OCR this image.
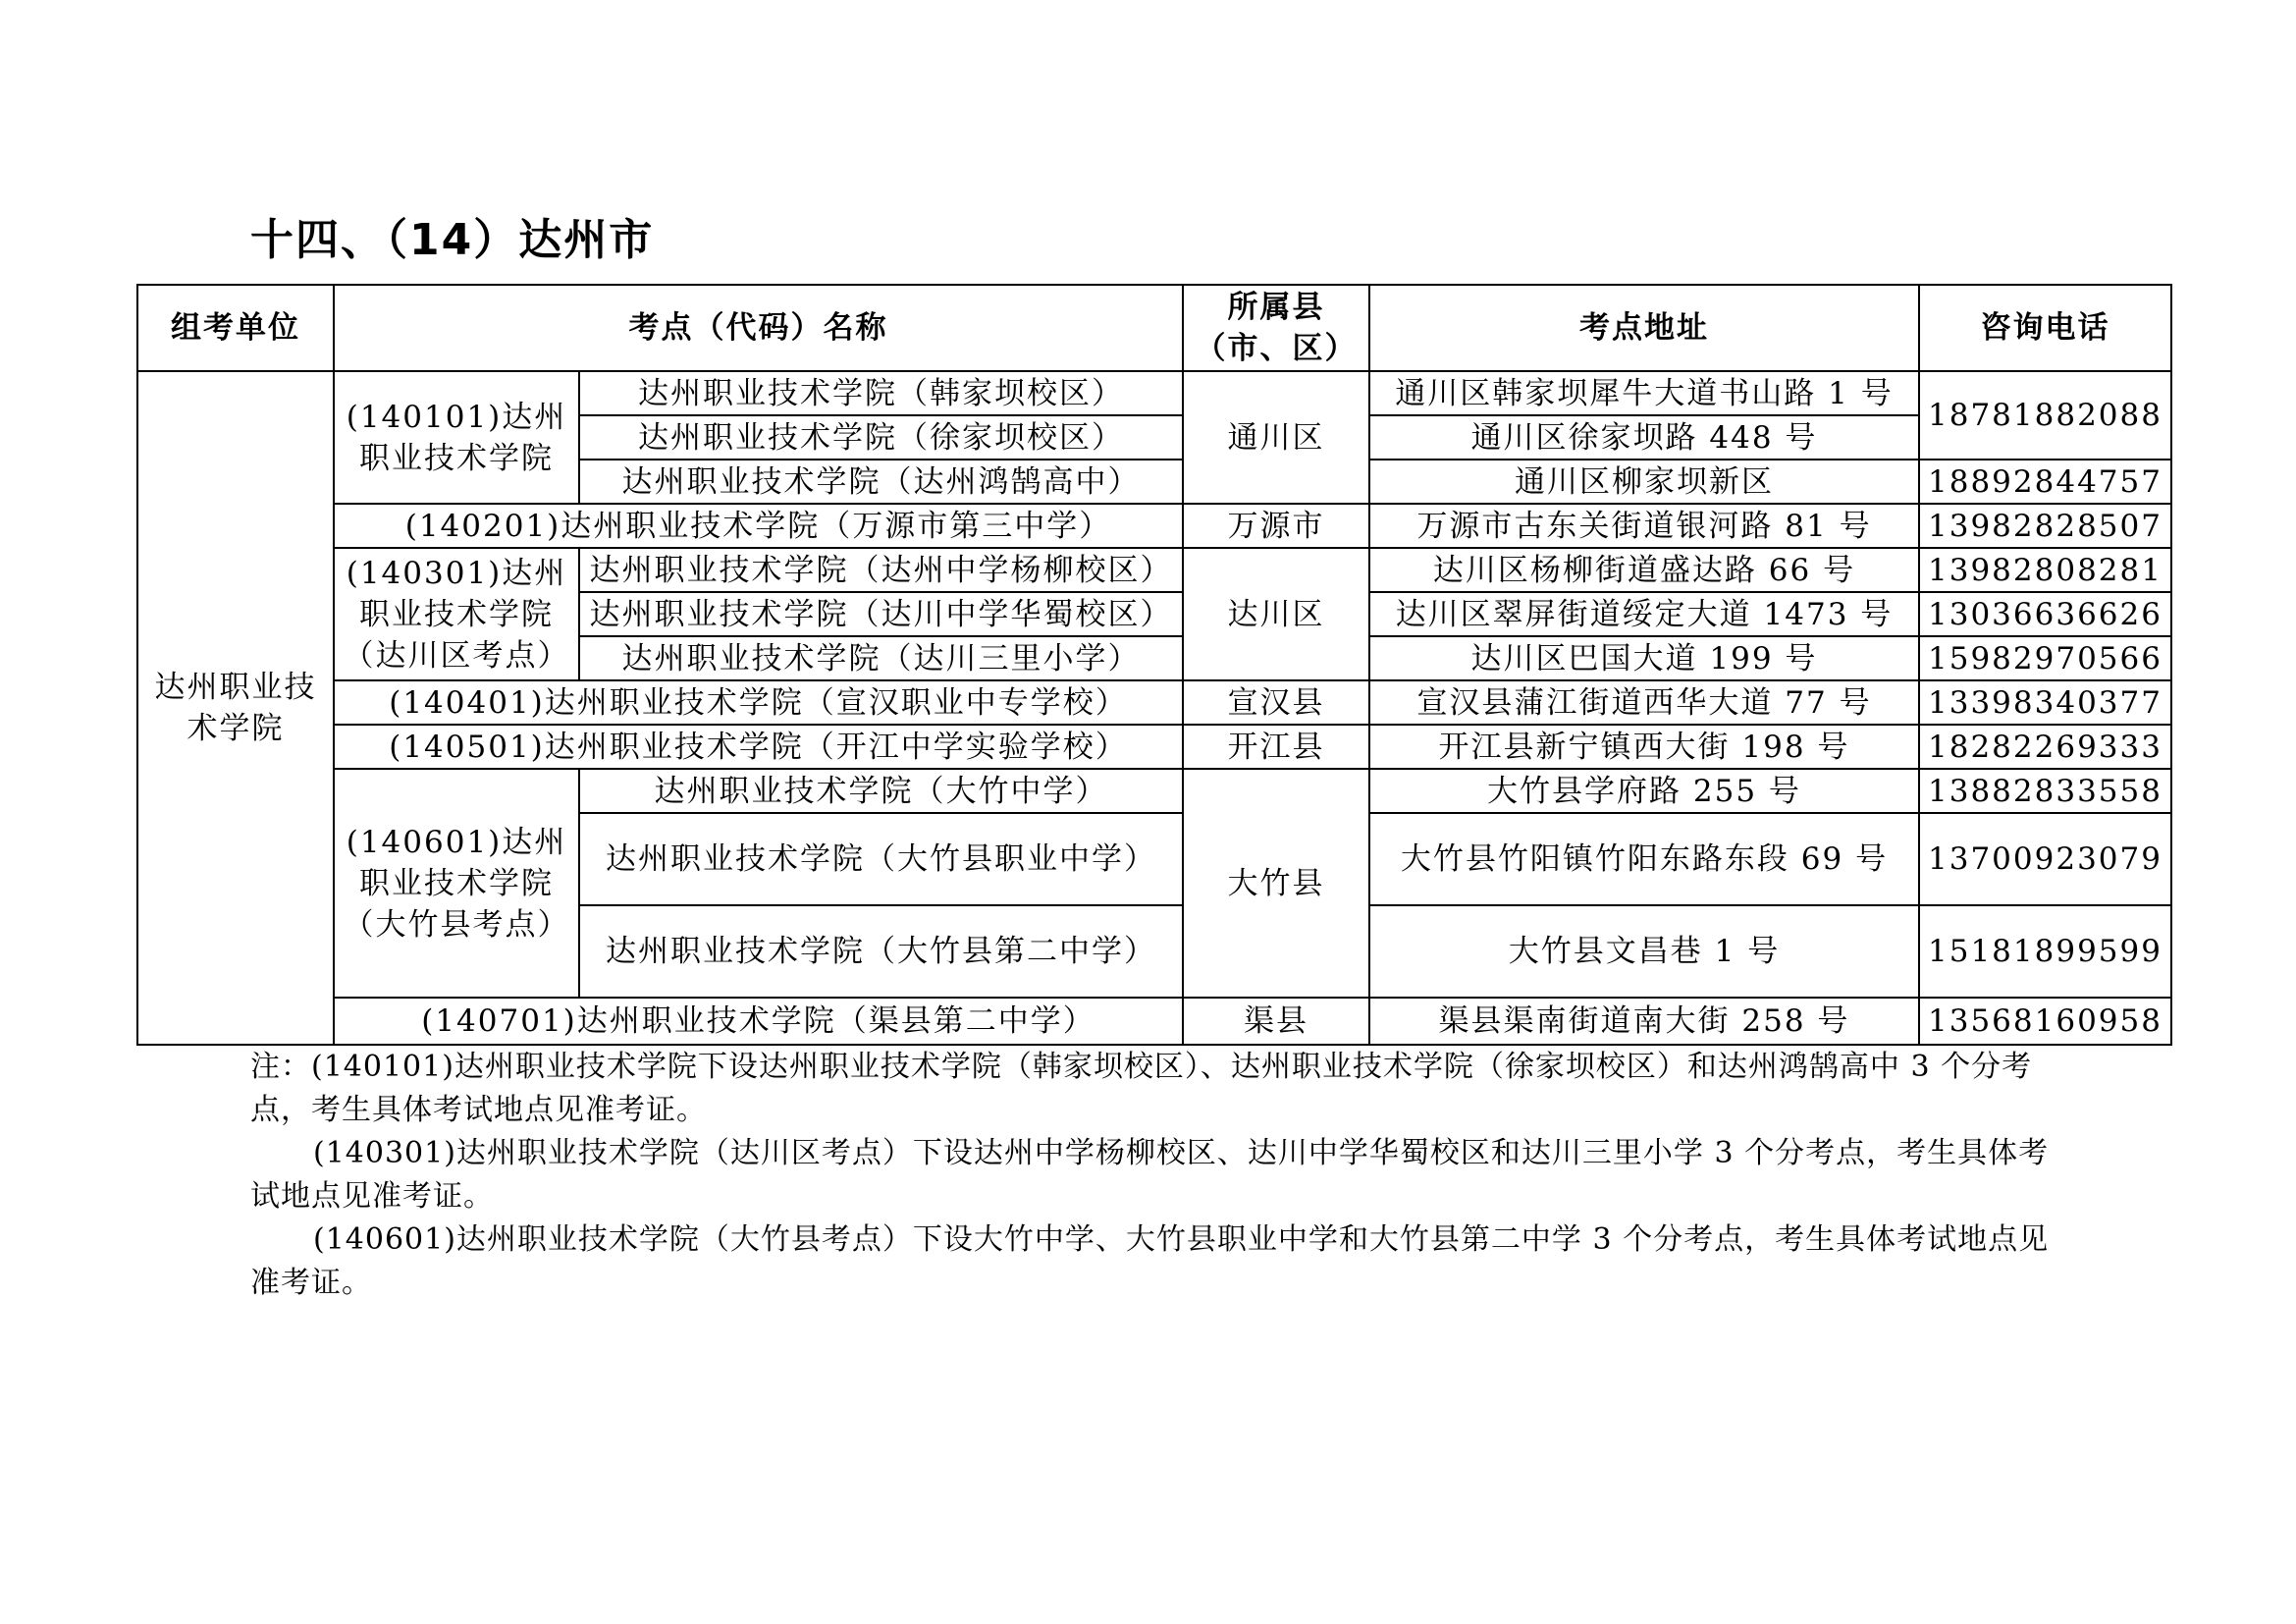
十四、（14）达州市
组考单位	考点（代码）名称		所属县（市、区）	考点地址	咨询电话
达州职业技术学院	(140101)达州职业技术学院	达州职业技术学院（韩家坝校区）	通川区	通川区韩家坝犀牛大道书山路 1 号	18781882088
		达州职业技术学院（徐家坝校区）		通川区徐家坝路 448 号	
		达州职业技术学院（达州鸿鹄高中）		通川区柳家坝新区	18892844757
	(140201)达州职业技术学院（万源市第三中学）		万源市	万源市古东关街道银河路 81 号	13982828507
	(140301)达州职业技术学院（达川区考点）	达州职业技术学院（达州中学杨柳校区）	达川区	达川区杨柳街道盛达路 66 号	13982808281
		达州职业技术学院（达川中学华蜀校区）		达川区翠屏街道绥定大道 1473 号	13036636626
		达州职业技术学院（达川三里小学）		达川区巴国大道 199 号	15982970566
	(140401)达州职业技术学院（宣汉职业中专学校）		宣汉县	宣汉县蒲江街道西华大道 77 号	13398340377
	(140501)达州职业技术学院（开江中学实验学校）		开江县	开江县新宁镇西大街 198 号	18282269333
	(140601)达州职业技术学院（大竹县考点）	达州职业技术学院（大竹中学）	大竹县	大竹县学府路 255 号	13882833558
		达州职业技术学院（大竹县职业中学）		大竹县竹阳镇竹阳东路东段 69 号	13700923079
		达州职业技术学院（大竹县第二中学）		大竹县文昌巷 1 号	15181899599
	(140701)达州职业技术学院（渠县第二中学）		渠县	渠县渠南街道南大街 258 号	13568160958

注：(140101)达州职业技术学院下设达州职业技术学院（韩家坝校区）、达州职业技术学院（徐家坝校区）和达州鸿鹄高中 3 个分考点，考生具体考试地点见准考证。

(140301)达州职业技术学院（达川区考点）下设达州中学杨柳校区、达川中学华蜀校区和达川三里小学 3 个分考点，考生具体考试地点见准考证。

(140601)达州职业技术学院（大竹县考点）下设大竹中学、大竹县职业中学和大竹县第二中学 3 个分考点，考生具体考试地点见准考证。
